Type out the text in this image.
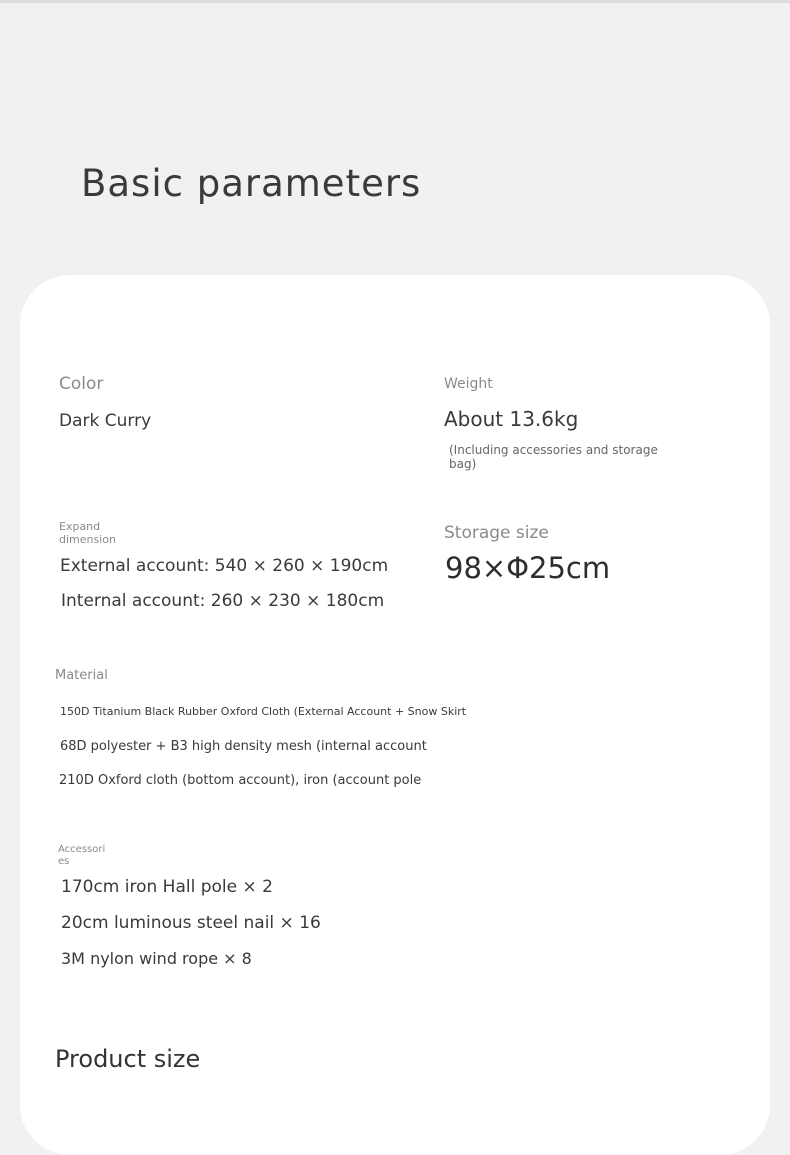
Basic parameters

Color

Dark Curry

Weight

About 13.6kg

(Including accessories and storage bag)

Expand dimension

External account: 540 × 260 × 190cm

Internal account: 260 × 230 × 180cm

Storage size

98×Φ25cm

Material

150D Titanium Black Rubber Oxford Cloth (External Account + Snow Skirt

68D polyester + B3 high density mesh (internal account

210D Oxford cloth (bottom account), iron (account pole

Accessories

170cm iron Hall pole × 2

20cm luminous steel nail × 16

3M nylon wind rope × 8

Product size
